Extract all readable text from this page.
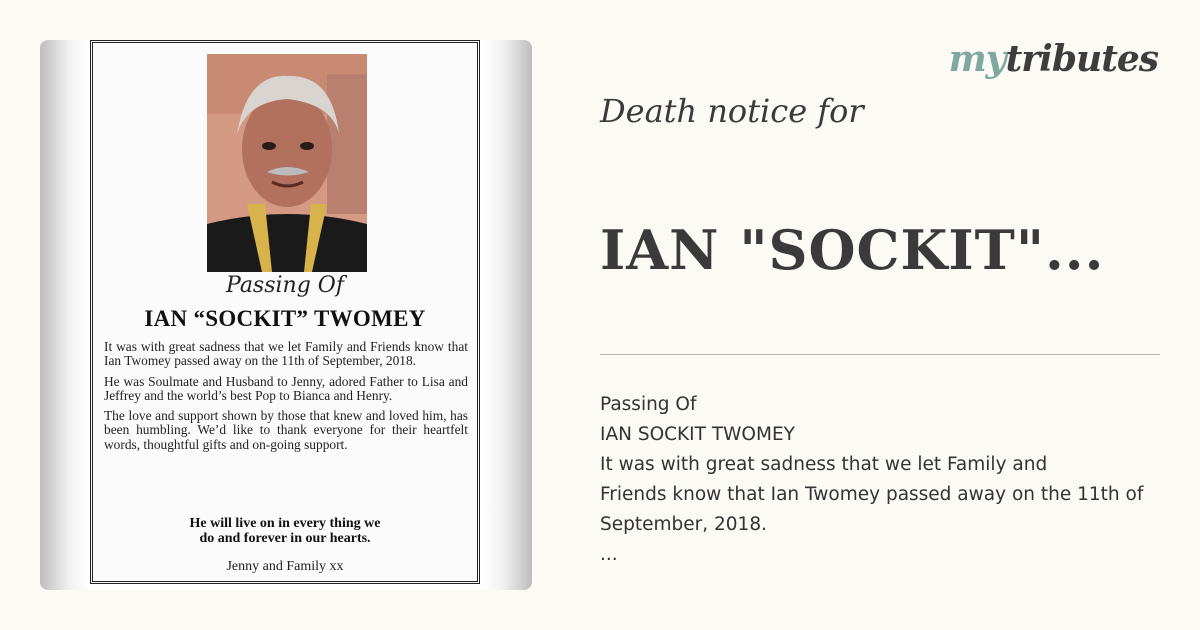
Passing Of
IAN “SOCKIT” TWOMEY

It was with great sadness that we let Family and Friends know that Ian Twomey passed away on the 11th of September, 2018.

He was Soulmate and Husband to Jenny, adored Father to Lisa and Jeffrey and the world’s best Pop to Bianca and Henry.

The love and support shown by those that knew and loved him, has been humbling. We’d like to thank everyone for their heartfelt words, thoughtful gifts and on-going support.

He will live on in every thing we
do and forever in our hearts.
Jenny and Family xx
mytributes
Death notice for
IAN "SOCKIT"...
Passing Of
IAN SOCKIT TWOMEY
It was with great sadness that we let Family and
Friends know that Ian Twomey passed away on the 11th of
September, 2018.
...
